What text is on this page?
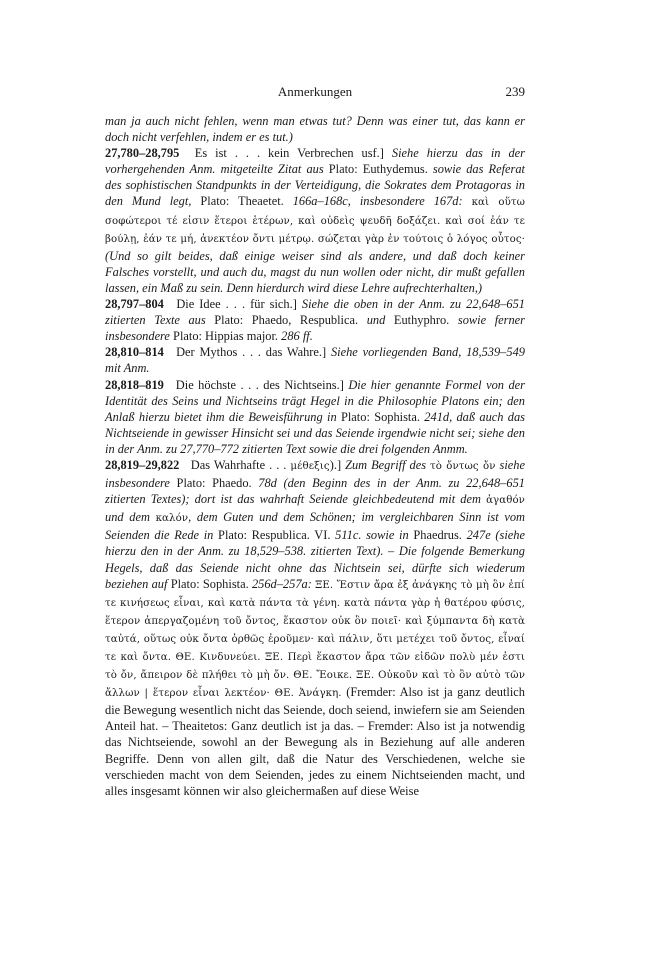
Anmerkungen	239

man ja auch nicht fehlen, wenn man etwas tut? Denn was einer tut, das kann er doch nicht verfehlen, indem er es tut.)

27,780–28,795 Es ist . . . kein Verbrechen usf.] Siehe hierzu das in der vorhergehenden Anm. mitgeteilte Zitat aus Plato: Euthydemus. sowie das Referat des sophistischen Standpunkts in der Verteidigung, die Sokrates dem Protagoras in den Mund legt, Plato: Theaetet. 166a–168c, insbesondere 167d: καὶ οὕτω σοφώτεροι τέ εἰσιν ἕτεροι ἑτέρων, καὶ οὐδεὶς ψευδῆ δοξάζει. καὶ σοί ἐάν τε βούλῃ, ἐάν τε μή, ἀνεκτέον ὄντι μέτρῳ. σώζεται γὰρ ἐν τούτοις ὁ λόγος οὗτος· (Und so gilt beides, daß einige weiser sind als andere, und daß doch keiner Falsches vorstellt, und auch du, magst du nun wollen oder nicht, dir mußt gefallen lassen, ein Maß zu sein. Denn hierdurch wird diese Lehre aufrechterhalten,)

28,797–804 Die Idee . . . für sich.] Siehe die oben in der Anm. zu 22,648–651 zitierten Texte aus Plato: Phaedo, Respublica. und Euthyphro. sowie ferner insbesondere Plato: Hippias major. 286 ff.

28,810–814 Der Mythos . . . das Wahre.] Siehe vorliegenden Band, 18,539–549 mit Anm.

28,818–819 Die höchste . . . des Nichtseins.] Die hier genannte Formel von der Identität des Seins und Nichtseins trägt Hegel in die Philosophie Platons ein; den Anlaß hierzu bietet ihm die Beweisführung in Plato: Sophista. 241d, daß auch das Nichtseiende in gewisser Hinsicht sei und das Seiende irgendwie nicht sei; siehe den in der Anm. zu 27,770–772 zitierten Text sowie die drei folgenden Anmm.

28,819–29,822 Das Wahrhafte . . . μέθεξις).] Zum Begriff des τὸ ὄντως ὄν siehe insbesondere Plato: Phaedo. 78d (den Beginn des in der Anm. zu 22,648–651 zitierten Textes); dort ist das wahrhaft Seiende gleichbedeutend mit dem ἀγαθόν und dem καλόν, dem Guten und dem Schönen; im vergleichbaren Sinn ist vom Seienden die Rede in Plato: Respublica. VI. 511c. sowie in Phaedrus. 247e (siehe hierzu den in der Anm. zu 18,529–538. zitierten Text). – Die folgende Bemerkung Hegels, daß das Seiende nicht ohne das Nichtsein sei, dürfte sich wiederum beziehen auf Plato: Sophista. 256d–257a: ΞΕ. Ἔστιν ἄρα ἐξ ἀνάγκης τὸ μὴ ὂν ἐπί τε κινήσεως εἶναι, καὶ κατὰ πάντα τὰ γένη. κατὰ πάντα γὰρ ἡ θατέρου φύσις, ἕτερον ἀπεργαζομένη τοῦ ὄντος, ἕκαστον οὐκ ὂν ποιεῖ· καὶ ξύμπαντα δὴ κατὰ ταὐτά, οὕτως οὐκ ὄντα ὀρθῶς ἐροῦμεν· καὶ πάλιν, ὅτι μετέχει τοῦ ὄντος, εἶναί τε καὶ ὄντα. ΘΕ. Κινδυνεύει. ΞΕ. Περὶ ἕκαστον ἄρα τῶν εἰδῶν πολὺ μέν ἐστι τὸ ὄν, ἄπειρον δὲ πλήθει τὸ μὴ ὄν. ΘΕ. Ἔοικε. ΞΕ. Οὐκοῦν καὶ τὸ ὂν αὐτὸ τῶν ἄλλων | ἕτερον εἶναι λεκτέον· ΘΕ. Ἀνάγκη. (Fremder: Also ist ja ganz deutlich die Bewegung wesentlich nicht das Seiende, doch seiend, inwiefern sie am Seienden Anteil hat. – Theaitetos: Ganz deutlich ist ja das. – Fremder: Also ist ja notwendig das Nichtseiende, sowohl an der Bewegung als in Beziehung auf alle anderen Begriffe. Denn von allen gilt, daß die Natur des Verschiedenen, welche sie verschieden macht von dem Seienden, jedes zu einem Nichtseienden macht, und alles insgesamt können wir also gleichermaßen auf diese Weise
